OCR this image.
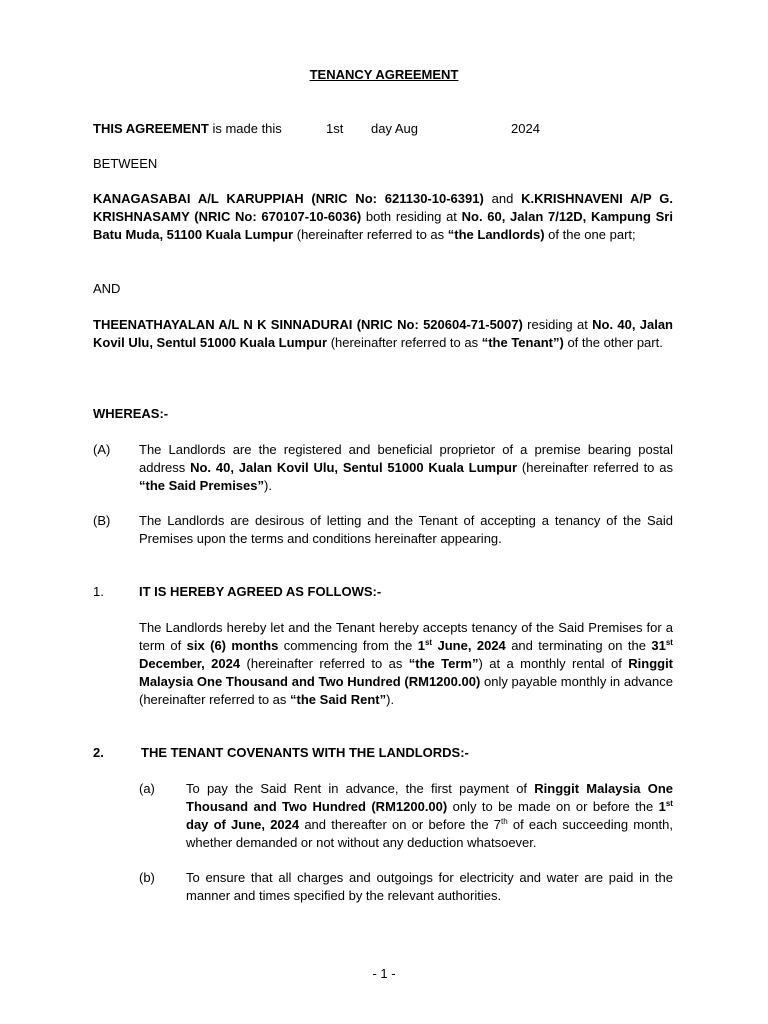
TENANCY AGREEMENT
THIS AGREEMENT is made this	1st day Aug	2024
BETWEEN

KANAGASABAI A/L KARUPPIAH (NRIC No: 621130-10-6391) and K.KRISHNAVENI A/P G. KRISHNASAMY (NRIC No: 670107-10-6036) both residing at No. 60, Jalan 7/12D, Kampung Sri Batu Muda, 51100 Kuala Lumpur (hereinafter referred to as “the Landlords) of the one part;

AND

THEENATHAYALAN A/L N K SINNADURAI (NRIC No: 520604-71-5007) residing at No. 40, Jalan Kovil Ulu, Sentul 51000 Kuala Lumpur (hereinafter referred to as “the Tenant”) of the other part.

WHEREAS:-
(A) The Landlords are the registered and beneficial proprietor of a premise bearing postal address No. 40, Jalan Kovil Ulu, Sentul 51000 Kuala Lumpur (hereinafter referred to as “the Said Premises”).

(B) The Landlords are desirous of letting and the Tenant of accepting a tenancy of the Said Premises upon the terms and conditions hereinafter appearing.

1.	IT IS HEREBY AGREED AS FOLLOWS:-

The Landlords hereby let and the Tenant hereby accepts tenancy of the Said Premises for a term of six (6) months commencing from the 1st June, 2024 and terminating on the 31st December, 2024 (hereinafter referred to as “the Term”) at a monthly rental of Ringgit Malaysia One Thousand and Two Hundred (RM1200.00) only payable monthly in advance (hereinafter referred to as “the Said Rent”).

2.	THE TENANT COVENANTS WITH THE LANDLORDS:-
(a) To pay the Said Rent in advance, the first payment of Ringgit Malaysia One Thousand and Two Hundred (RM1200.00) only to be made on or before the 1st day of June, 2024 and thereafter on or before the 7th of each succeeding month, whether demanded or not without any deduction whatsoever.

(b) To ensure that all charges and outgoings for electricity and water are paid in the manner and times specified by the relevant authorities.

- 1 -
